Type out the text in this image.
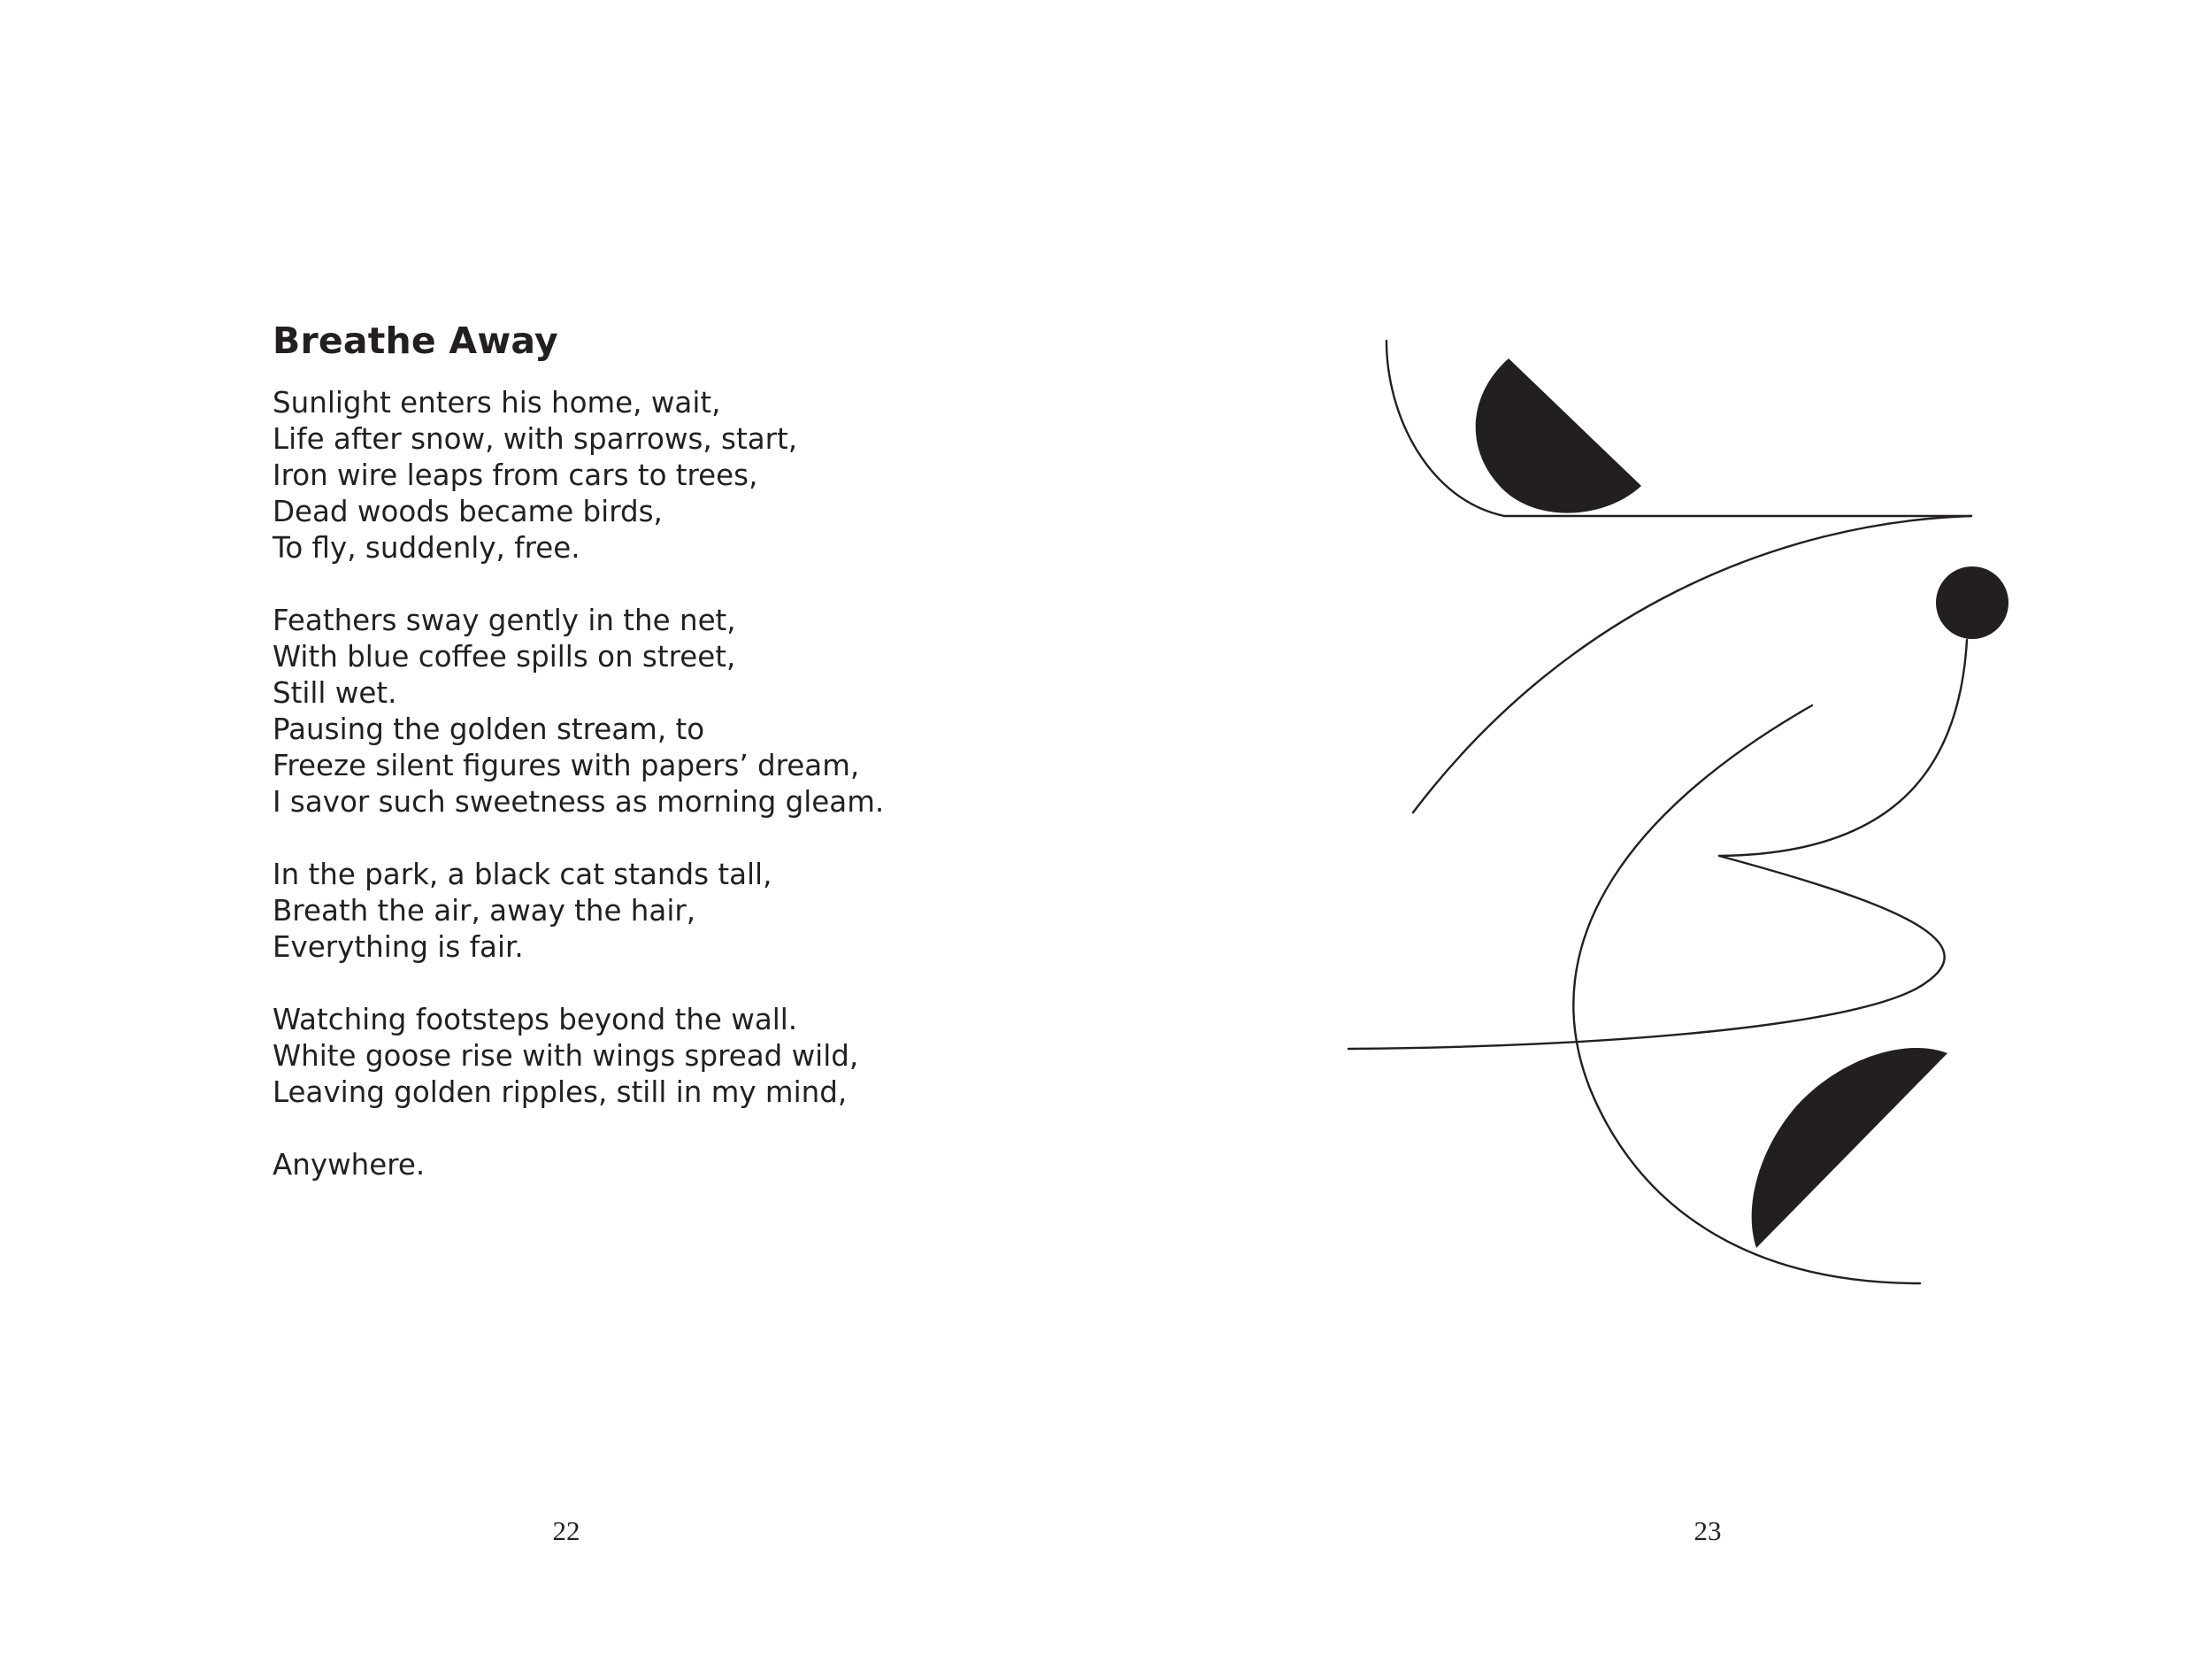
Breathe Away

Sunlight enters his home, wait,
Life after snow, with sparrows, start,
Iron wire leaps from cars to trees,
Dead woods became birds,
To fly, suddenly, free.

Feathers sway gently in the net,
With blue coffee spills on street,
Still wet.
Pausing the golden stream, to
Freeze silent figures with papers’ dream,
I savor such sweetness as morning gleam.

In the park, a black cat stands tall,
Breath the air, away the hair,
Everything is fair.

Watching footsteps beyond the wall.
White goose rise with wings spread wild,
Leaving golden ripples, still in my mind,

Anywhere.

22	23
